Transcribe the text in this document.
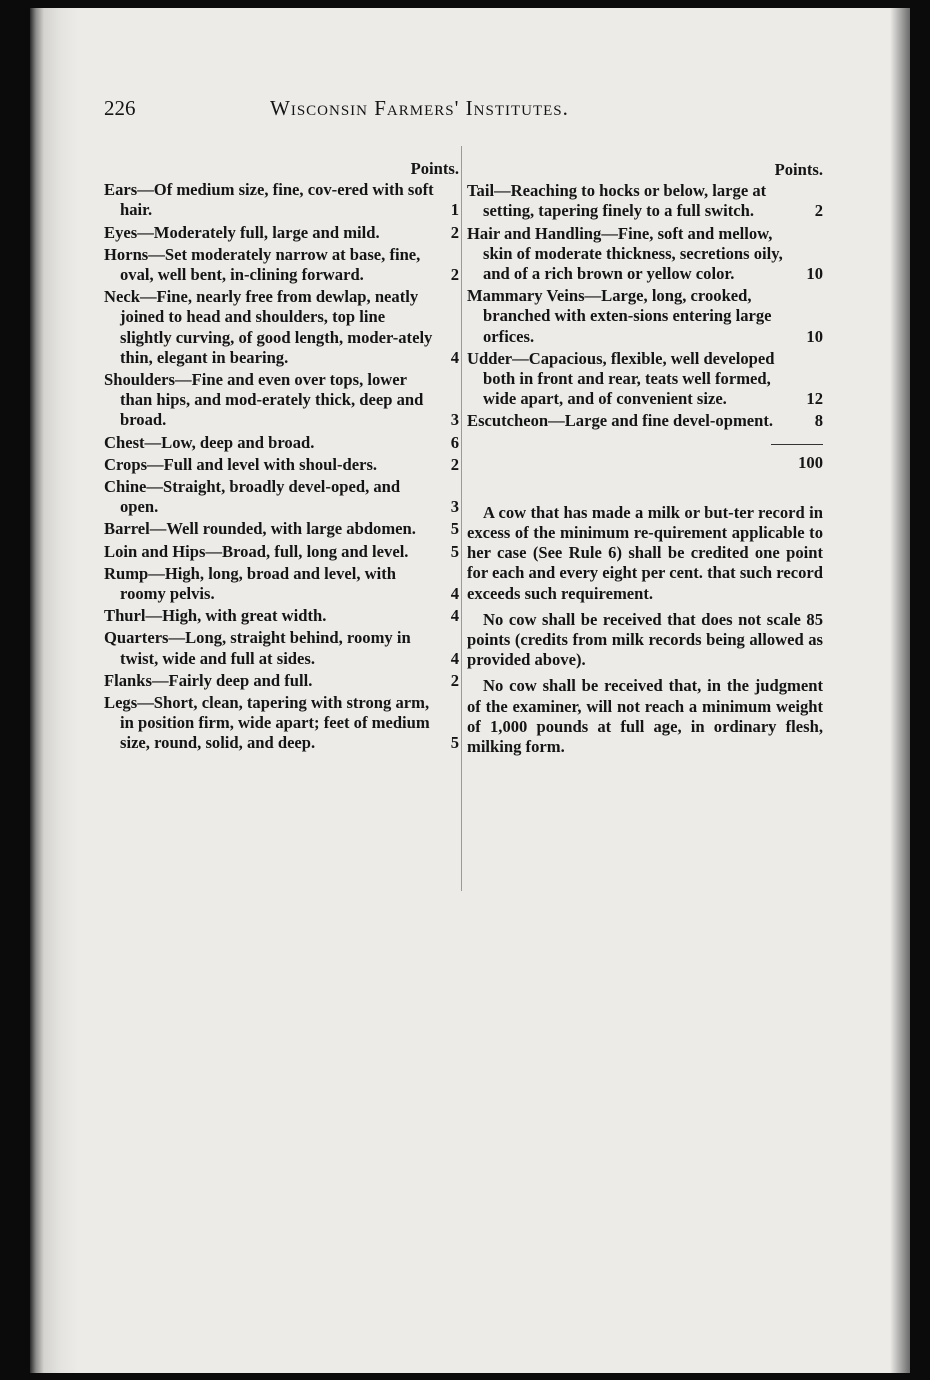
226	Wisconsin Farmers' Institutes.
Points.
Ears—Of medium size, fine, cov-ered with soft hair.	1
Eyes—Moderately full, large and mild.	2
Horns—Set moderately narrow at base, fine, oval, well bent, in-clining forward.	2
Neck—Fine, nearly free from dewlap, neatly joined to head and shoulders, top line slightly curving, of good length, moder-ately thin, elegant in bearing.	4
Shoulders—Fine and even over tops, lower than hips, and mod-erately thick, deep and broad.	3
Chest—Low, deep and broad.	6
Crops—Full and level with shoul-ders.	2
Chine—Straight, broadly devel-oped, and open.	3
Barrel—Well rounded, with large abdomen.	5
Loin and Hips—Broad, full, long and level.	5
Rump—High, long, broad and level, with roomy pelvis.	4
Thurl—High, with great width.	4
Quarters—Long, straight behind, roomy in twist, wide and full at sides.	4
Flanks—Fairly deep and full.	2
Legs—Short, clean, tapering with strong arm, in position firm, wide apart; feet of medium size, round, solid, and deep.	5
Points.
Tail—Reaching to hocks or below, large at setting, tapering finely to a full switch.	2
Hair and Handling—Fine, soft and mellow, skin of moderate thickness, secretions oily, and of a rich brown or yellow color.	10
Mammary Veins—Large, long, crooked, branched with exten-sions entering large orfices.	10
Udder—Capacious, flexible, well developed both in front and rear, teats well formed, wide apart, and of convenient size.	12
Escutcheon—Large and fine devel-opment.	8
100
A cow that has made a milk or but-ter record in excess of the minimum re-quirement applicable to her case (See Rule 6) shall be credited one point for each and every eight per cent. that such record exceeds such requirement.
No cow shall be received that does not scale 85 points (credits from milk records being allowed as provided above).
No cow shall be received that, in the judgment of the examiner, will not reach a minimum weight of 1,000 pounds at full age, in ordinary flesh, milking form.
